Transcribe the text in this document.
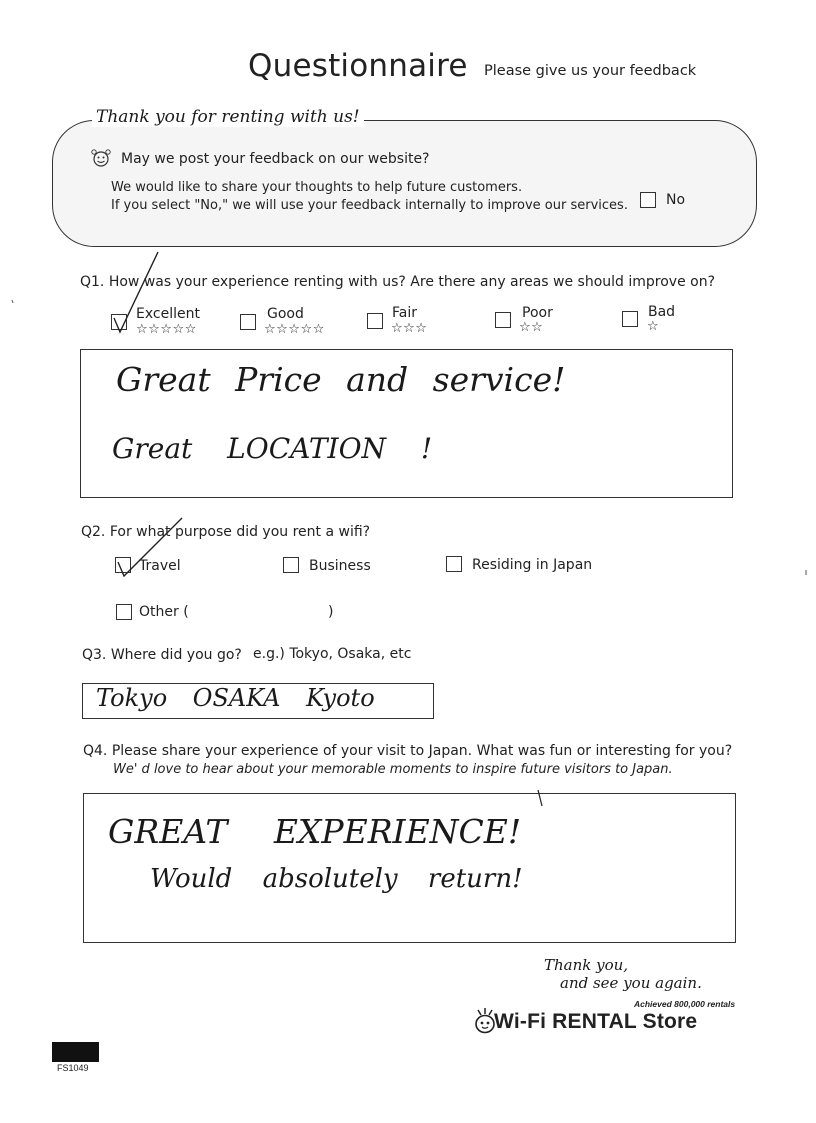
Questionnaire Please give us your feedback
Thank you for renting with us!
May we post your feedback on our website?
We would like to share your thoughts to help future customers.
If you select "No," we will use your feedback internally to improve our services.	No
Q1. How was your experience renting with us? Are there any areas we should improve on?
Excellent
☆☆☆☆☆
Good
☆☆☆☆☆
Fair
☆☆☆
Poor
☆☆
Bad
☆
Great Price and service!
Great LOCATION !
Q2. For what purpose did you rent a wifi?
Travel	Business	Residing in Japan
Other (	)
Q3. Where did you go? e.g.) Tokyo, Osaka, etc
Tokyo OSAKA Kyoto
Q4. Please share your experience of your visit to Japan. What was fun or interesting for you?
We' d love to hear about your memorable moments to inspire future visitors to Japan.
GREAT EXPERIENCE!
Would absolutely return!
Thank you,
and see you again.
Achieved 800,000 rentals
Wi-Fi RENTAL Store
FS1049
